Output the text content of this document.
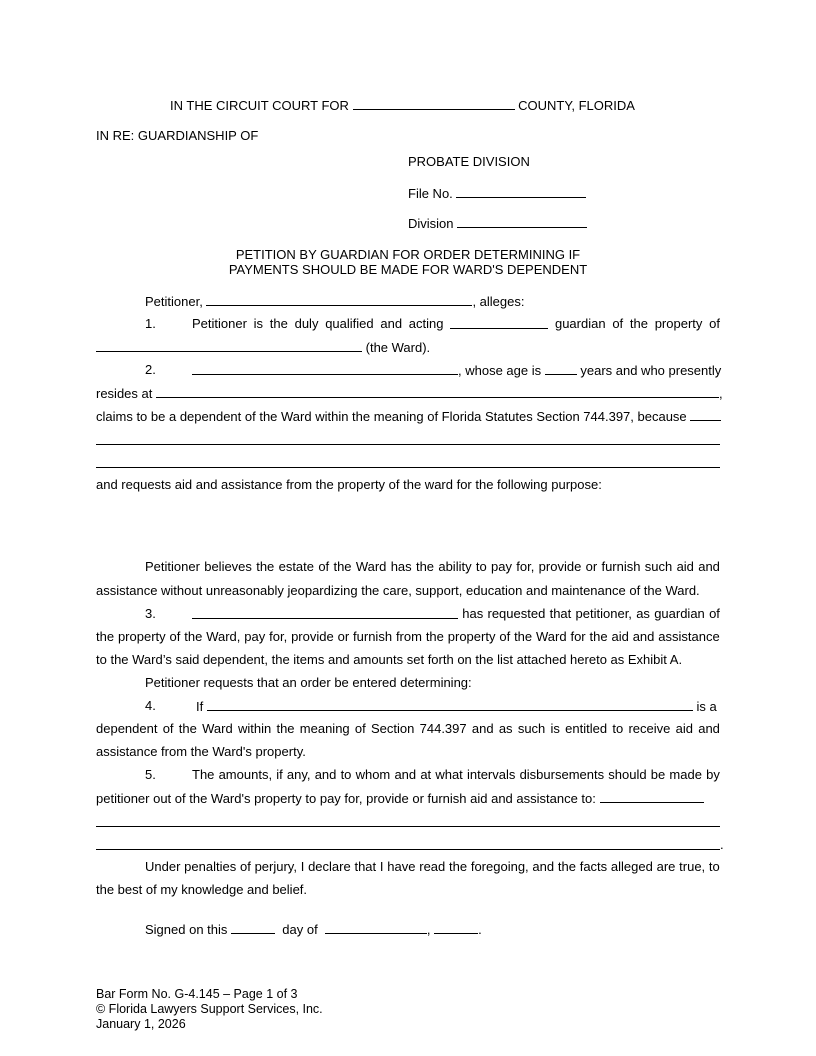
IN THE CIRCUIT COURT FOR	COUNTY, FLORIDA
IN RE: GUARDIANSHIP OF
PROBATE DIVISION
File No.
Division
PETITION BY GUARDIAN FOR ORDER DETERMINING IF
PAYMENTS SHOULD BE MADE FOR WARD'S DEPENDENT
Petitioner,	, alleges:
1.	Petitioner is the duly qualified and acting	guardian of the property of
(the Ward).
2.	, whose age is	years and who presently
resides at	,
claims to be a dependent of the Ward within the meaning of Florida Statutes Section 744.397, because
and requests aid and assistance from the property of the ward for the following purpose:
Petitioner believes the estate of the Ward has the ability to pay for, provide or furnish such aid and
assistance without unreasonably jeopardizing the care, support, education and maintenance of the Ward.
3.	has requested that petitioner, as guardian of
the property of the Ward, pay for, provide or furnish from the property of the Ward for the aid and assistance
to the Ward’s said dependent, the items and amounts set forth on the list attached hereto as Exhibit A.
Petitioner requests that an order be entered determining:
4.	If	is a
dependent of the Ward within the meaning of Section 744.397 and as such is entitled to receive aid and
assistance from the Ward's property.
5.	The amounts, if any, and to whom and at what intervals disbursements should be made by
petitioner out of the Ward's property to pay for, provide or furnish aid and assistance to:
.
Under penalties of perjury, I declare that I have read the foregoing, and the facts alleged are true, to
the best of my knowledge and belief.
Signed on this	day of	,	.
Bar Form No. G-4.145 – Page 1 of 3
© Florida Lawyers Support Services, Inc.
January 1, 2026
